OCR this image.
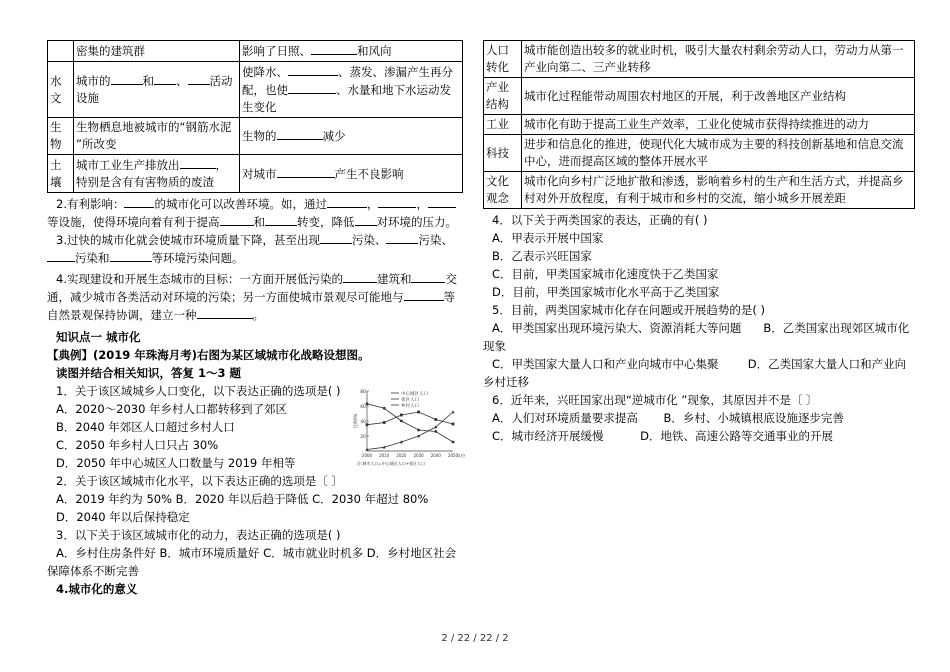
	密集的建筑群	影响了日照、 和风向
水文	城市的 和 、 活动设施	使降水、 、蒸发、渗漏产生再分配，也使 、水量和地下水运动发生变化
生物	生物栖息地被城市的“钢筋水泥 ”所改变	生物的 减少
土壤	城市工业生产排放出 ，特别是含有有害物质的废渣	对城市 产生不良影响

2.有利影响：	的城市化可以改善环境。如，通过	，	，等设施，使得环境向着有利于提高	和	转变，降低 对环境的压力。

3.过快的城市化就会使城市环境质量下降，甚至出现	污染、	污染、污染和	等环境污染问题。

4.实现建设和开展生态城市的目标：一方面开展低污染的	建筑和	交通，减少城市各类活动对环境的污染；另一方面使城市景观尽可能地与	等自然景观保持协调，建立一种	。

知识点一 城市化

【典例】(2019 年珠海月考)右图为某区域城市化战略设想图。

读图并结合相关知识，答复 1～3 题

1．关于该区域城乡人口变化，以下表达正确的选项是( )

A．2020～2030 年乡村人口都转移到了郊区

B．2040 年郊区人口超过乡村人口

C．2050 年乡村人口只占 30%

D．2050 年中心城区人口数量与 2019 年相等

2．关于该区域城市化水平，以下表达正确的选项是〔 〕

A．2019 年约为 50% B．2020 年以后趋于降低 C．2030 年超过 80%

D．2040 年以后保持稳定

3．以下关于该区域城市化的动力，表达正确的选项是( )

A．乡村住房条件好 B．城市环境质量好 C．城市就业时机多 D．乡村地区社会保障体系不断完善

4.城市化的意义

20
40
60
80
2000 2010 2020 2030 2040 2050
比例/%
年份
中心城区人口
郊区人口
乡村人口
注:城市人口=中心城区人口+郊区人口
人口转化	城市能创造出较多的就业时机，吸引大量农村剩余劳动人口，劳动力从第一产业向第二、三产业转移
产业结构	城市化过程能带动周围农村地区的开展，利于改善地区产业结构
工业	城市化有助于提高工业生产效率，工业化使城市获得持续推进的动力
科技	进步和信息化的推进，使现代化大城市成为主要的科技创新基地和信息交流中心，进而提高区域的整体开展水平
文化观念	城市化向乡村广泛地扩散和渗透，影响着乡村的生产和生活方式，并提高乡村对外开放程度，有利于城市和乡村的交流，缩小城乡开展差距

4．以下关于两类国家的表达，正确的有( )

A．甲表示开展中国家

B．乙表示兴旺国家

C．目前，甲类国家城市化速度快于乙类国家

D．目前，甲类国家城市化水平高于乙类国家

5．目前，两类国家城市化存在问题或开展趋势的是( )

A．甲类国家出现环境污染大、资源消耗大等问题 B．乙类国家出现郊区城市化现象

C．甲类国家大量人口和产业向城市中心集聚	D．乙类国家大量人口和产业向乡村迁移

6．近年来，兴旺国家出现“逆城市化 ”现象，其原因并不是〔 〕

A．人们对环境质量要求提高 B．乡村、小城镇根底设施逐步完善

C．城市经济开展缓慢	D．地铁、高速公路等交通事业的开展

2 / 22 / 22 / 2
